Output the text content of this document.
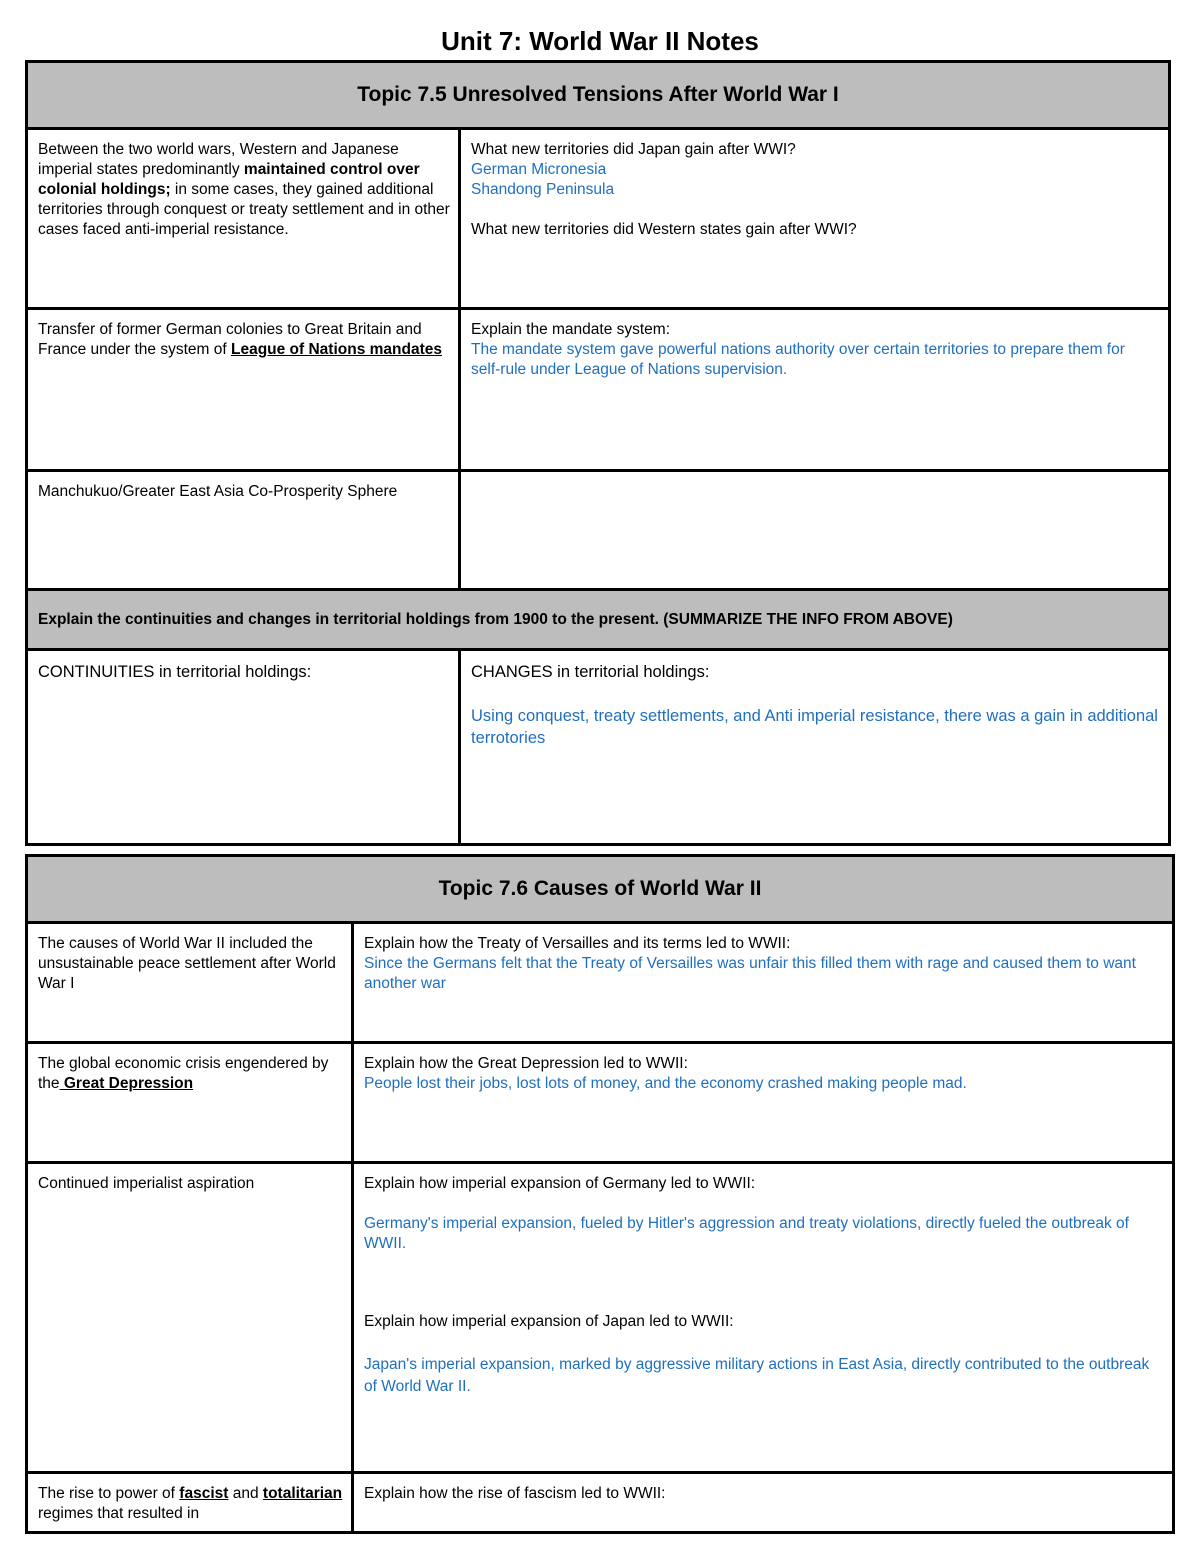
Unit 7: World War II Notes
Topic 7.5 Unresolved Tensions After World War I
Between the two world wars, Western and Japanese imperial states predominantly maintained control over colonial holdings; in some cases, they gained additional territories through conquest or treaty settlement and in other cases faced anti-imperial resistance.

What new territories did Japan gain after WWI?

German Micronesia

Shandong Peninsula

What new territories did Western states gain after WWI?

Transfer of former German colonies to Great Britain and France under the system of League of Nations mandates

Explain the mandate system:

The mandate system gave powerful nations authority over certain territories to prepare them for self-rule under League of Nations supervision.

Manchukuo/Greater East Asia Co-Prosperity Sphere
Explain the continuities and changes in territorial holdings from 1900 to the present. (SUMMARIZE THE INFO FROM ABOVE)
CONTINUITIES in territorial holdings:	CHANGES in territorial holdings:

Using conquest, treaty settlements, and Anti imperial resistance, there was a gain in additional terrotories

Topic 7.6 Causes of World War II
The causes of World War II included the unsustainable peace settlement after World War I

Explain how the Treaty of Versailles and its terms led to WWII:

Since the Germans felt that the Treaty of Versailles was unfair this filled them with rage and caused them to want another war

The global economic crisis engendered by the Great Depression

Explain how the Great Depression led to WWII:

People lost their jobs, lost lots of money, and the economy crashed making people mad.

Continued imperialist aspiration	Explain how imperial expansion of Germany led to WWII:

Germany's imperial expansion, fueled by Hitler's aggression and treaty violations, directly fueled the outbreak of WWII.

Explain how imperial expansion of Japan led to WWII:

Japan's imperial expansion, marked by aggressive military actions in East Asia, directly contributed to the outbreak of World War II.

The rise to power of fascist and totalitarian regimes that resulted in

Explain how the rise of fascism led to WWII:
